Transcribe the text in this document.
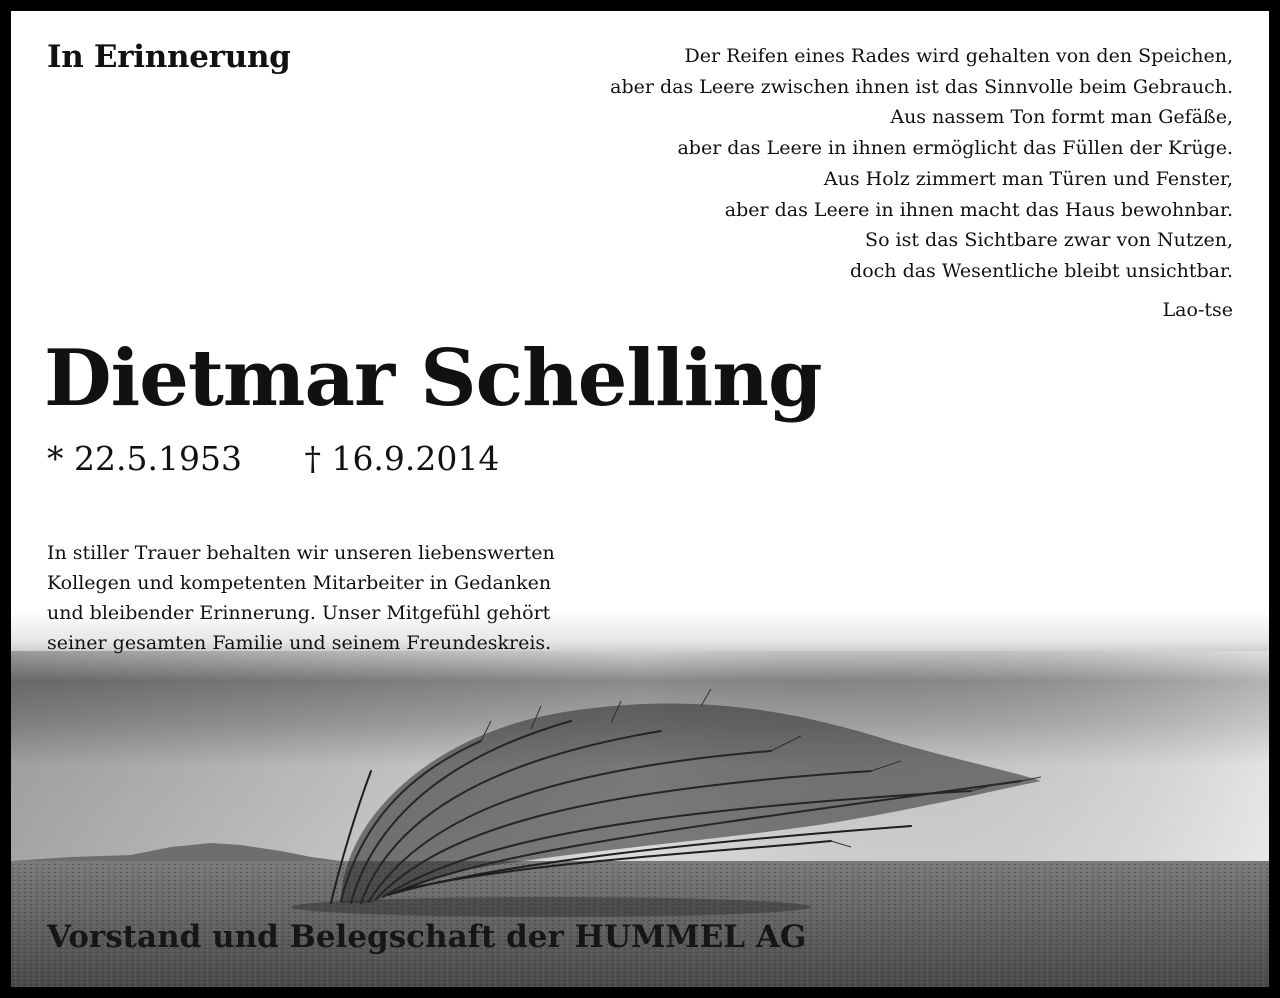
In Erinnerung	Der Reifen eines Rades wird gehalten von den Speichen,
aber das Leere zwischen ihnen ist das Sinnvolle beim Gebrauch.
Aus nassem Ton formt man Gefäße,
aber das Leere in ihnen ermöglicht das Füllen der Krüge.
Aus Holz zimmert man Türen und Fenster,
aber das Leere in ihnen macht das Haus bewohnbar.
So ist das Sichtbare zwar von Nutzen,
doch das Wesentliche bleibt unsichtbar.
Lao-tse
Dietmar Schelling
* 22.5.1953 † 16.9.2014
In stiller Trauer behalten wir unseren liebenswerten
Kollegen und kompetenten Mitarbeiter in Gedanken
und bleibender Erinnerung. Unser Mitgefühl gehört
seiner gesamten Familie und seinem Freundeskreis.
Vorstand und Belegschaft der HUMMEL AG
